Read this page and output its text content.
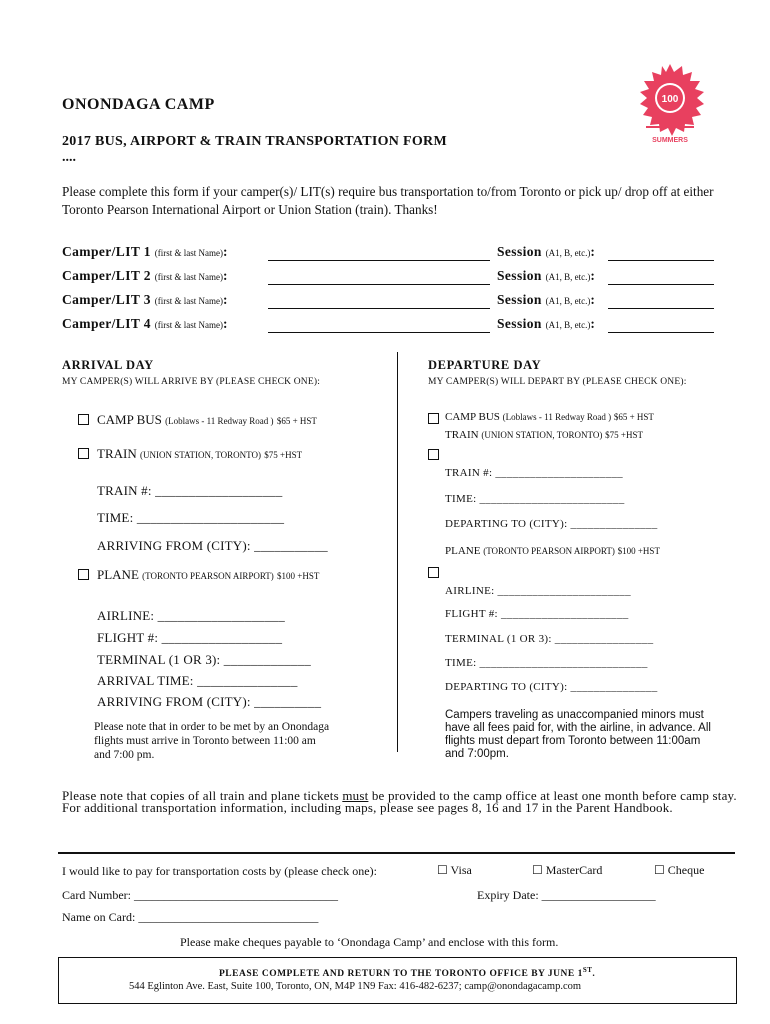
100
SUMMERS
ONONDAGA CAMP
2017 BUS, AIRPORT & TRAIN TRANSPORTATION FORM
....
Please complete this form if your camper(s)/ LIT(s) require bus transportation to/from Toronto or pick up/ drop off at either Toronto Pearson International Airport or Union Station (train). Thanks!
Camper/LIT 1 (first & last Name):	Session (A1, B, etc.):
Camper/LIT 2 (first & last Name):	Session (A1, B, etc.):
Camper/LIT 3 (first & last Name):	Session (A1, B, etc.):
Camper/LIT 4 (first & last Name):	Session (A1, B, etc.):
ARRIVAL DAY
MY CAMPER(S) WILL ARRIVE BY (PLEASE CHECK ONE):
CAMP BUS (Loblaws - 11 Redway Road ) $65 + HST
TRAIN (UNION STATION, TORONTO) $75 +HST
TRAIN #: ___________________
TIME: ______________________
ARRIVING FROM (CITY): ___________
PLANE (TORONTO PEARSON AIRPORT) $100 +HST
AIRLINE: ___________________
FLIGHT #: __________________
TERMINAL (1 OR 3): _____________
ARRIVAL TIME: _______________
ARRIVING FROM (CITY): __________
Please note that in order to be met by an Onondaga flights must arrive in Toronto between 11:00 am and 7:00 pm.
DEPARTURE DAY
MY CAMPER(S) WILL DEPART BY (PLEASE CHECK ONE):
CAMP BUS (Loblaws - 11 Redway Road ) $65 + HST
TRAIN (UNION STATION, TORONTO) $75 +HST
TRAIN #: ______________________
TIME: _________________________
DEPARTING TO (CITY): _______________
PLANE (TORONTO PEARSON AIRPORT) $100 +HST
AIRLINE: _______________________
FLIGHT #: ______________________
TERMINAL (1 OR 3): _________________
TIME: _____________________________
DEPARTING TO (CITY): _______________
Campers traveling as unaccompanied minors must have all fees paid for, with the airline, in advance. All flights must depart from Toronto between 11:00am and 7:00pm.
Please note that copies of all train and plane tickets must be provided to the camp office at least one month before camp stay. For additional transportation information, including maps, please see pages 8, 16 and 17 in the Parent Handbook.
I would like to pay for transportation costs by (please check one):	☐ Visa	☐ MasterCard	☐ Cheque
Card Number: __________________________________	Expiry Date: ___________________
Name on Card: ______________________________
Please make cheques payable to ‘Onondaga Camp’ and enclose with this form.
PLEASE COMPLETE AND RETURN TO THE TORONTO OFFICE BY JUNE 1ST.
544 Eglinton Ave. East, Suite 100, Toronto, ON, M4P 1N9 Fax: 416-482-6237; camp@onondagacamp.com
